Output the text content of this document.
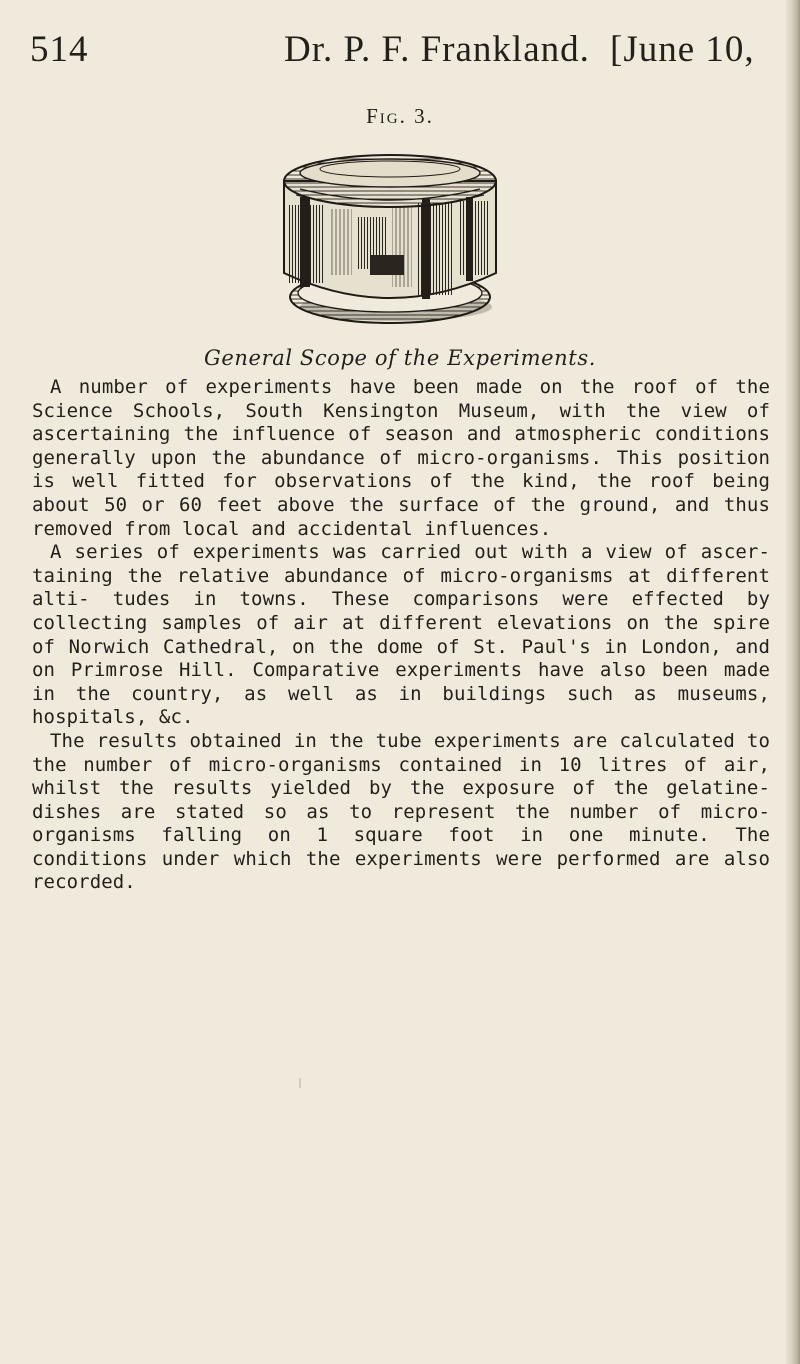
514	Dr. P. F. Frankland. [June 10,
Fig. 3.
General Scope of the Experiments.

A number of experiments have been made on the roof of the Science Schools, South Kensington Museum, with the view of ascertaining the influence of season and atmospheric conditions generally upon the abundance of micro-organisms. This position is well fitted for observations of the kind, the roof being about 50 or 60 feet above the surface of the ground, and thus removed from local and accidental influences.

A series of experiments was carried out with a view of ascer- taining the relative abundance of micro-organisms at different alti- tudes in towns. These comparisons were effected by collecting samples of air at different elevations on the spire of Norwich Cathedral, on the dome of St. Paul's in London, and on Primrose Hill. Comparative experiments have also been made in the country, as well as in buildings such as museums, hospitals, &c.

The results obtained in the tube experiments are calculated to the number of micro-organisms contained in 10 litres of air, whilst the results yielded by the exposure of the gelatine-dishes are stated so as to represent the number of micro-organisms falling on 1 square foot in one minute. The conditions under which the experiments were performed are also recorded.
